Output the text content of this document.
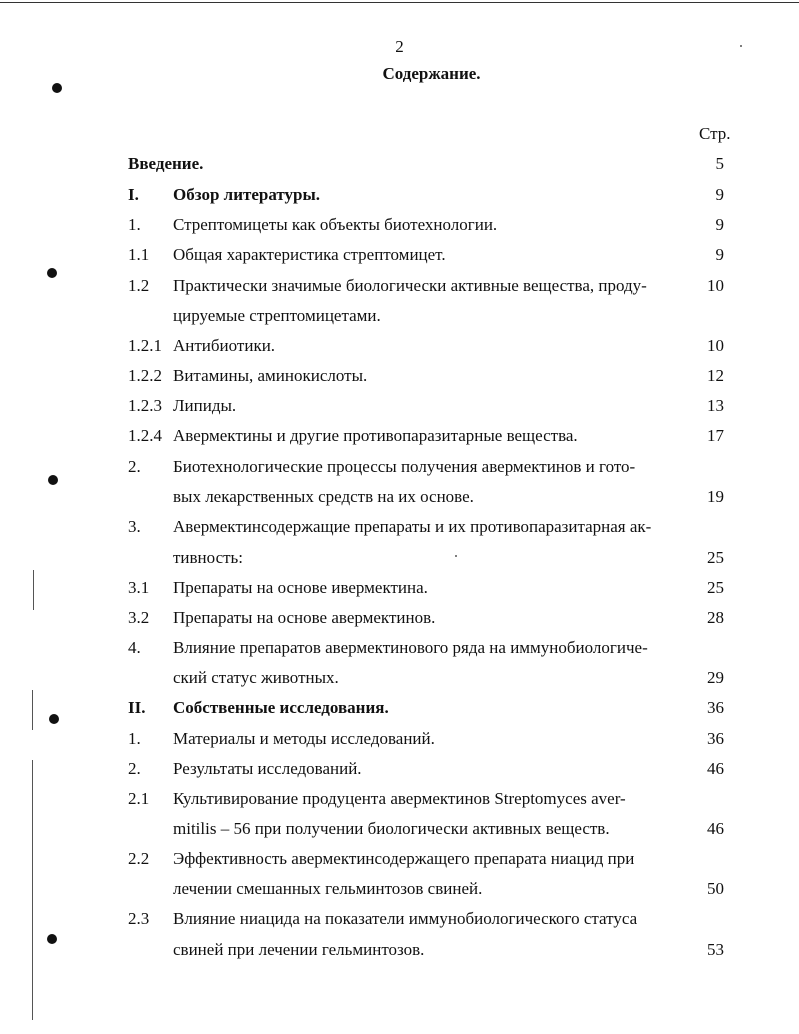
2
Содержание.
Стр.
Введение.	5
I. Обзор литературы.	9
1. Стрептомицеты как объекты биотехнологии.	9
1.1 Общая характеристика стрептомицет.	9
1.2 Практически значимые биологически активные вещества, проду-	10
цируемые стрептомицетами.
1.2.1 Антибиотики.	10
1.2.2 Витамины, аминокислоты.	12
1.2.3 Липиды.	13
1.2.4 Авермектины и другие противопаразитарные вещества.	17
2. Биотехнологические процессы получения авермектинов и гото-
вых лекарственных средств на их основе.	19
3. Авермектинсодержащие препараты и их противопаразитарная ак-
тивность:	25
3.1 Препараты на основе ивермектина.	25
3.2 Препараты на основе авермектинов.	28
4. Влияние препаратов авермектинового ряда на иммунобиологиче-
ский статус животных.	29
II. Собственные исследования.	36
1. Материалы и методы исследований.	36
2. Результаты исследований.	46
2.1 Культивирование продуцента авермектинов Streptomyces aver-
mitilis – 56 при получении биологически активных веществ.	46
2.2 Эффективность авермектинсодержащего препарата ниацид при
лечении смешанных гельминтозов свиней.	50
2.3 Влияние ниацида на показатели иммунобиологического статуса
свиней при лечении гельминтозов.	53
